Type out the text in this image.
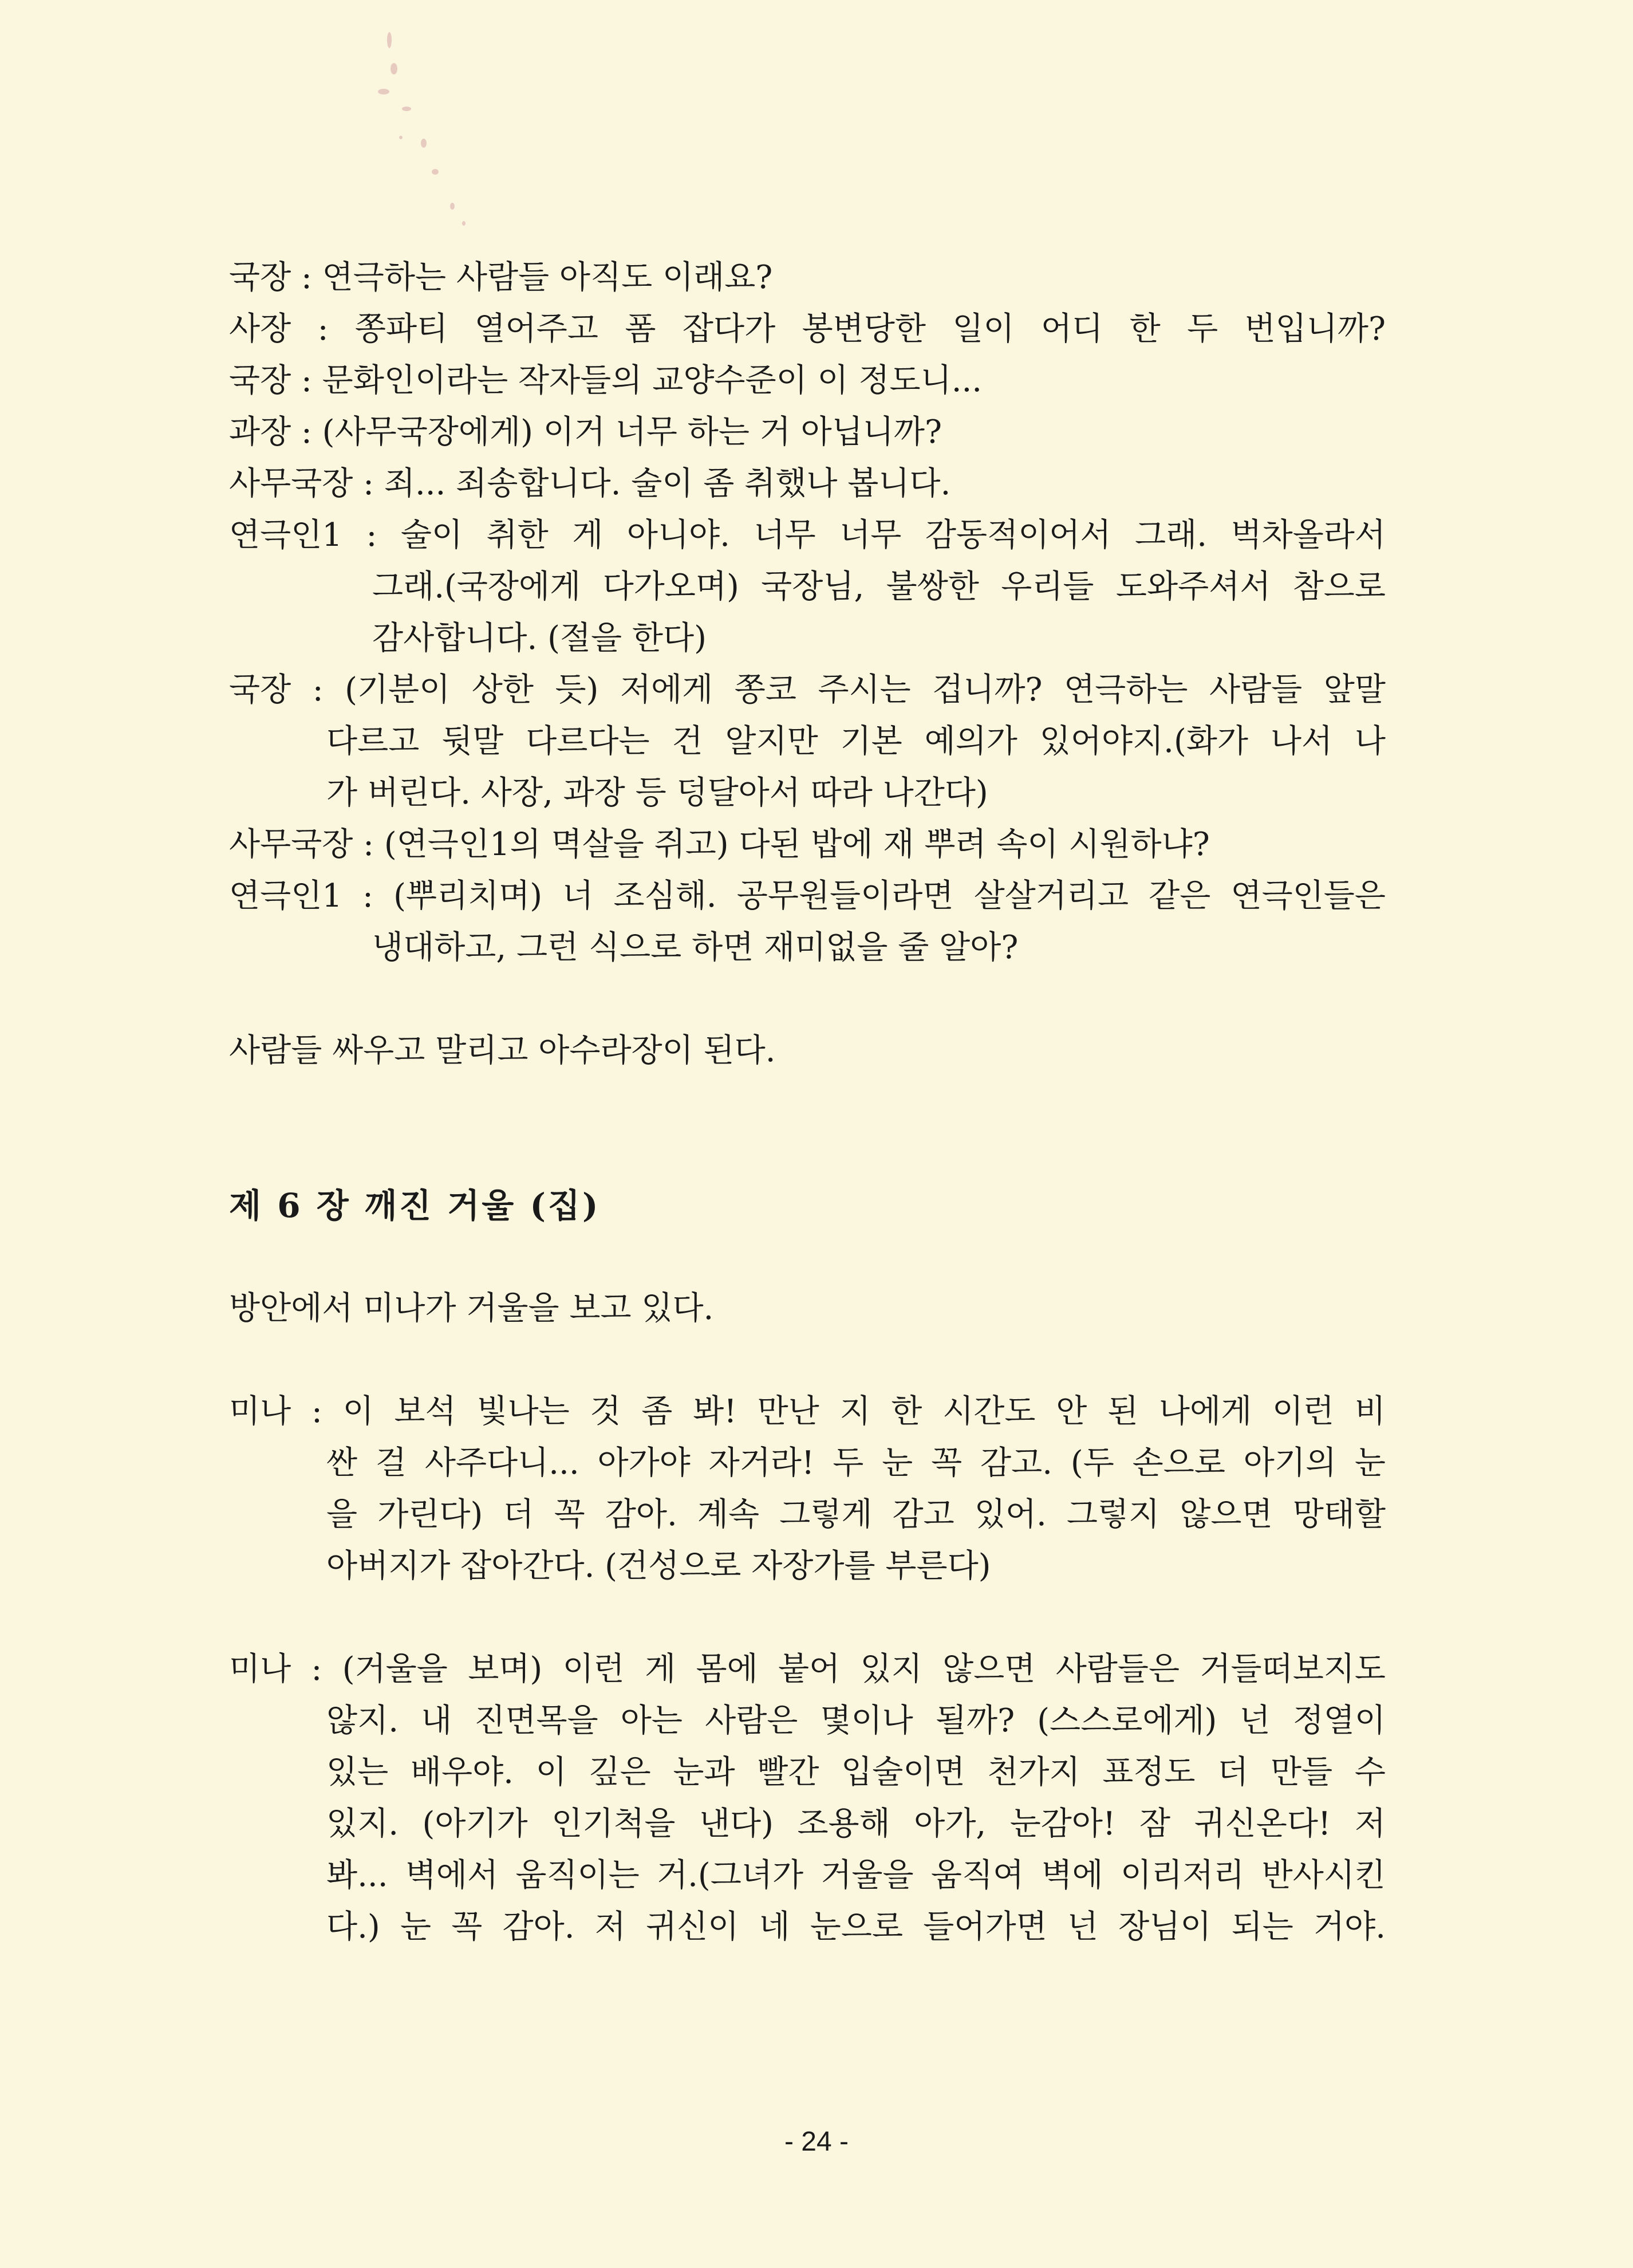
국장 : 연극하는 사람들 아직도 이래요?
사장 : 쫑파티 열어주고 폼 잡다가 봉변당한 일이 어디 한 두 번입니까?
국장 : 문화인이라는 작자들의 교양수준이 이 정도니...
과장 : (사무국장에게) 이거 너무 하는 거 아닙니까?
사무국장 : 죄... 죄송합니다. 술이 좀 취했나 봅니다.
연극인1 : 술이 취한 게 아니야. 너무 너무 감동적이어서 그래. 벅차올라서
그래.(국장에게 다가오며) 국장님, 불쌍한 우리들 도와주셔서 참으로
감사합니다. (절을 한다)
국장 : (기분이 상한 듯) 저에게 쫑코 주시는 겁니까? 연극하는 사람들 앞말
다르고 뒷말 다르다는 건 알지만 기본 예의가 있어야지.(화가 나서 나
가 버린다. 사장, 과장 등 덩달아서 따라 나간다)
사무국장 : (연극인1의 멱살을 쥐고) 다된 밥에 재 뿌려 속이 시원하냐?
연극인1 : (뿌리치며) 너 조심해. 공무원들이라면 살살거리고 같은 연극인들은
냉대하고, 그런 식으로 하면 재미없을 줄 알아?
사람들 싸우고 말리고 아수라장이 된다.
제 6 장 깨진 거울 (집)
방안에서 미나가 거울을 보고 있다.
미나 : 이 보석 빛나는 것 좀 봐! 만난 지 한 시간도 안 된 나에게 이런 비
싼 걸 사주다니... 아가야 자거라! 두 눈 꼭 감고. (두 손으로 아기의 눈
을 가린다) 더 꼭 감아. 계속 그렇게 감고 있어. 그렇지 않으면 망태할
아버지가 잡아간다. (건성으로 자장가를 부른다)
미나 : (거울을 보며) 이런 게 몸에 붙어 있지 않으면 사람들은 거들떠보지도
않지. 내 진면목을 아는 사람은 몇이나 될까? (스스로에게) 넌 정열이
있는 배우야. 이 깊은 눈과 빨간 입술이면 천가지 표정도 더 만들 수
있지. (아기가 인기척을 낸다) 조용해 아가, 눈감아! 잠 귀신온다! 저
봐... 벽에서 움직이는 거.(그녀가 거울을 움직여 벽에 이리저리 반사시킨
다.) 눈 꼭 감아. 저 귀신이 네 눈으로 들어가면 넌 장님이 되는 거야.
- 24 -
